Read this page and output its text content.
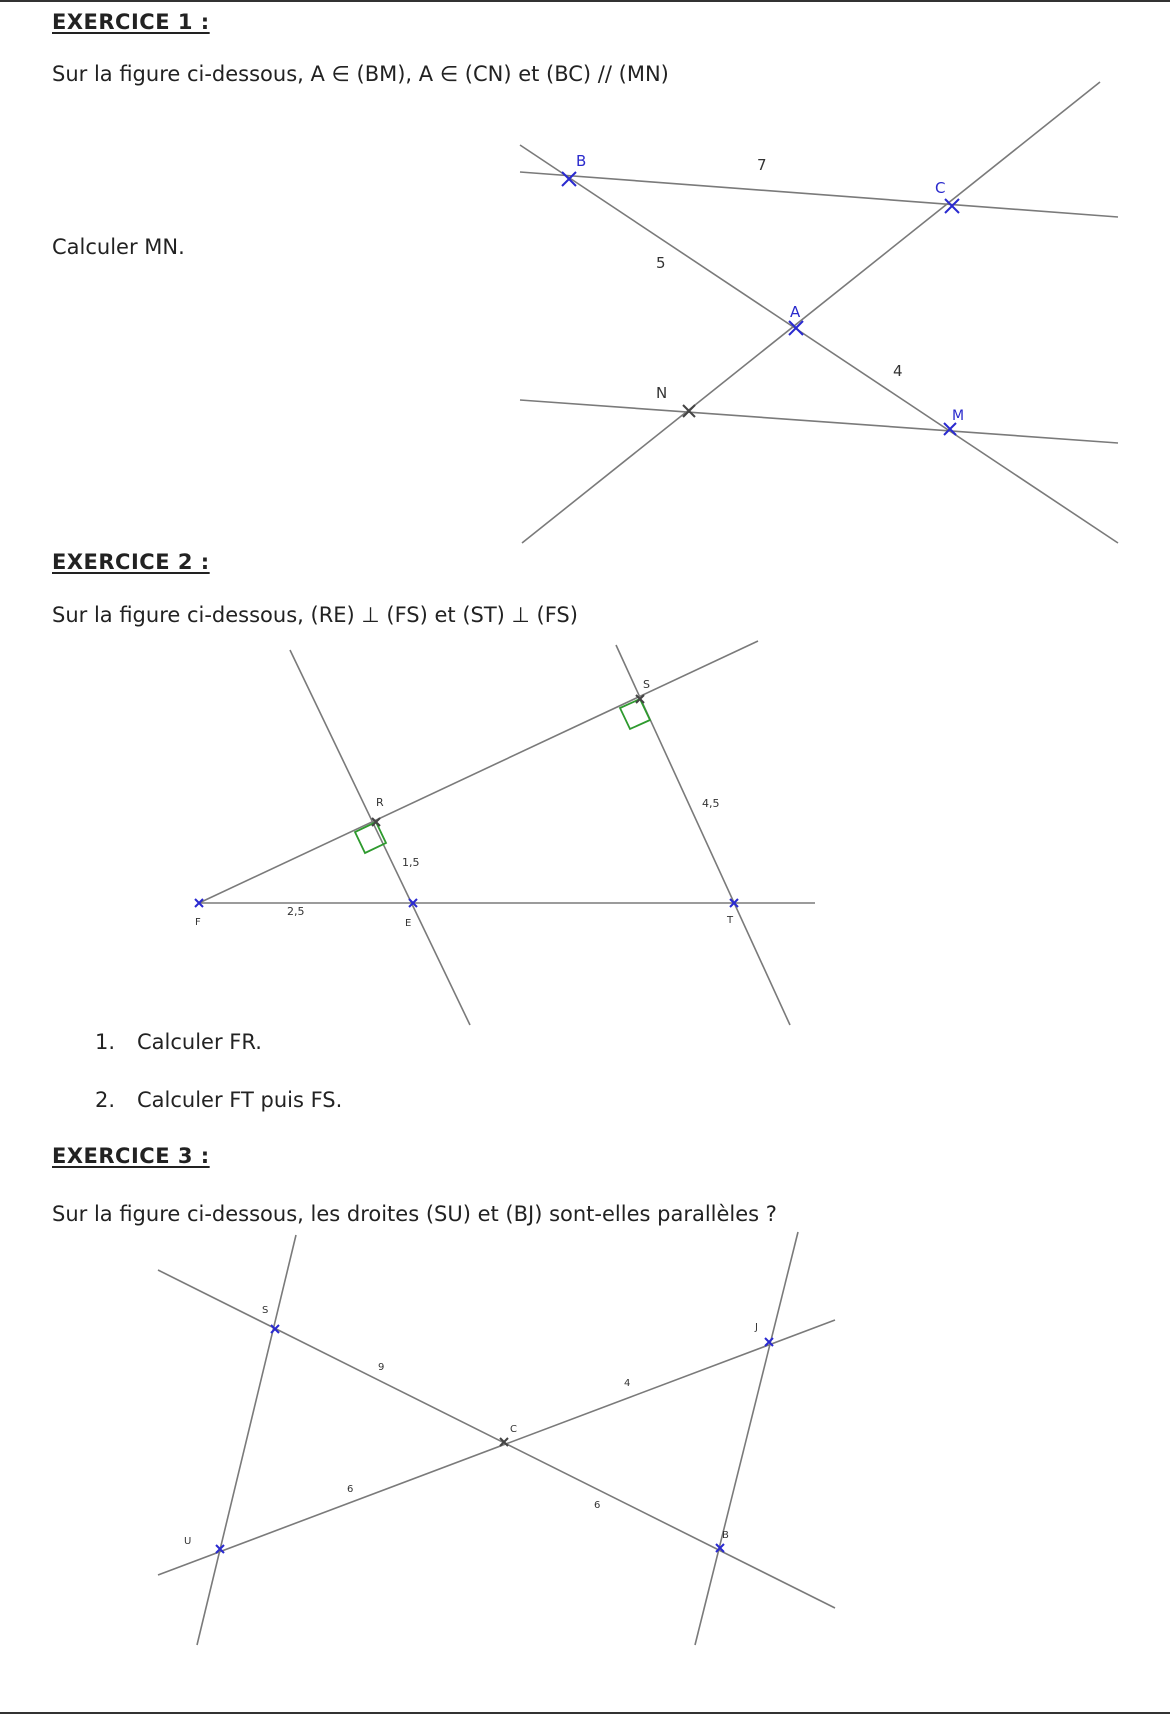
EXERCICE 1 :

Sur la figure ci-dessous, A ∈ (BM), A ∈ (CN) et (BC) // (MN)

Calculer MN.

B
C
A
N
M
7
5
4
EXERCICE 2 :

Sur la figure ci-dessous, (RE) ⊥ (FS) et (ST) ⊥ (FS)

S
R
F	E	T
4,5
1,5
2,5

1. Calculer FR.

2. Calculer FT puis FS.

EXERCICE 3 :

Sur la figure ci-dessous, les droites (SU) et (BJ) sont-elles parallèles ?

S
J
C
U
B
9
4
6
6
